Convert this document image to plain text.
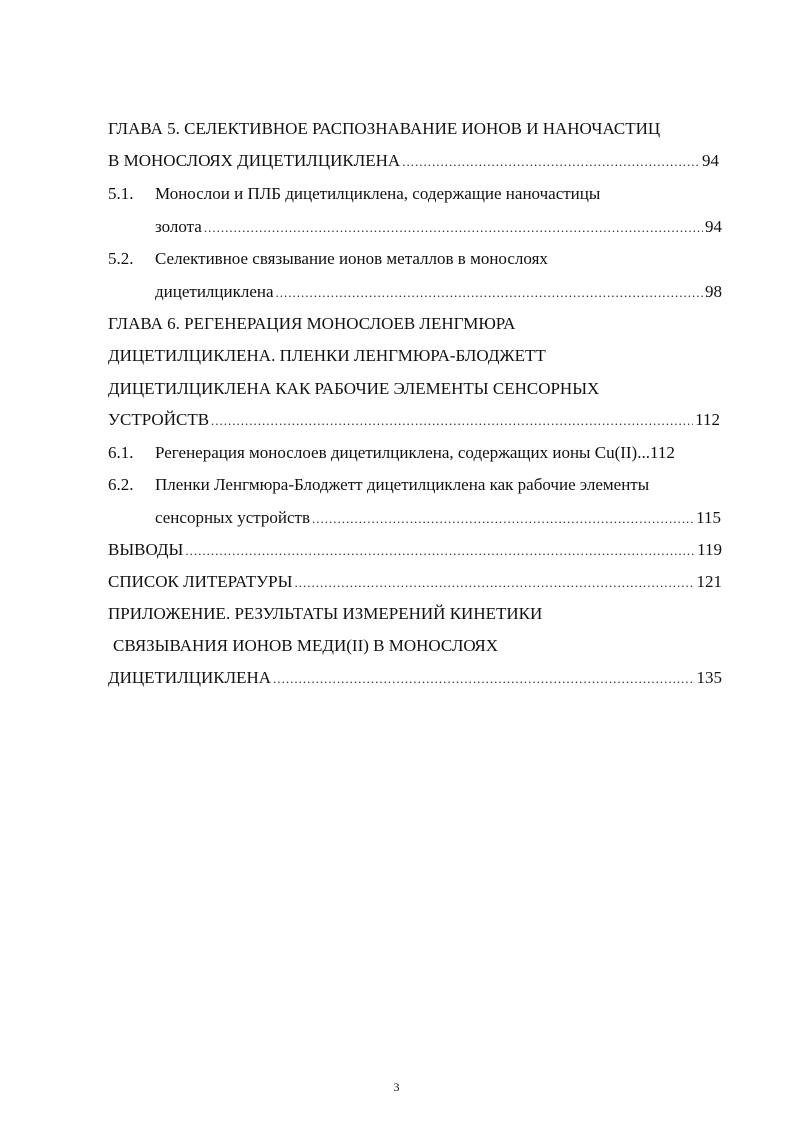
ГЛАВА 5. СЕЛЕКТИВНОЕ РАСПОЗНАВАНИЕ ИОНОВ И НАНОЧАСТИЦ
В МОНОСЛОЯХ ДИЦЕТИЛЦИКЛЕНА .....	94
5.1.	Монослои и ПЛБ дицетилциклена, содержащие наночастицы
золота .....	94
5.2.	Селективное связывание ионов металлов в монослоях
дицетилциклена .....	98
ГЛАВА 6. РЕГЕНЕРАЦИЯ МОНОСЛОЕВ ЛЕНГМЮРА
ДИЦЕТИЛЦИКЛЕНА. ПЛЕНКИ ЛЕНГМЮРА-БЛОДЖЕТТ
ДИЦЕТИЛЦИКЛЕНА КАК РАБОЧИЕ ЭЛЕМЕНТЫ СЕНСОРНЫХ
УСТРОЙСТВ .....	112
6.1.	Регенерация монослоев дицетилциклена, содержащих ионы Cu(II)... 112
6.2.	Пленки Ленгмюра-Блоджетт дицетилциклена как рабочие элементы
сенсорных устройств .....	115
ВЫВОДЫ .....	119
СПИСОК ЛИТЕРАТУРЫ .....	121
ПРИЛОЖЕНИЕ. РЕЗУЛЬТАТЫ ИЗМЕРЕНИЙ КИНЕТИКИ
СВЯЗЫВАНИЯ ИОНОВ МЕДИ(II) В МОНОСЛОЯХ
ДИЦЕТИЛЦИКЛЕНА .....	135
3
